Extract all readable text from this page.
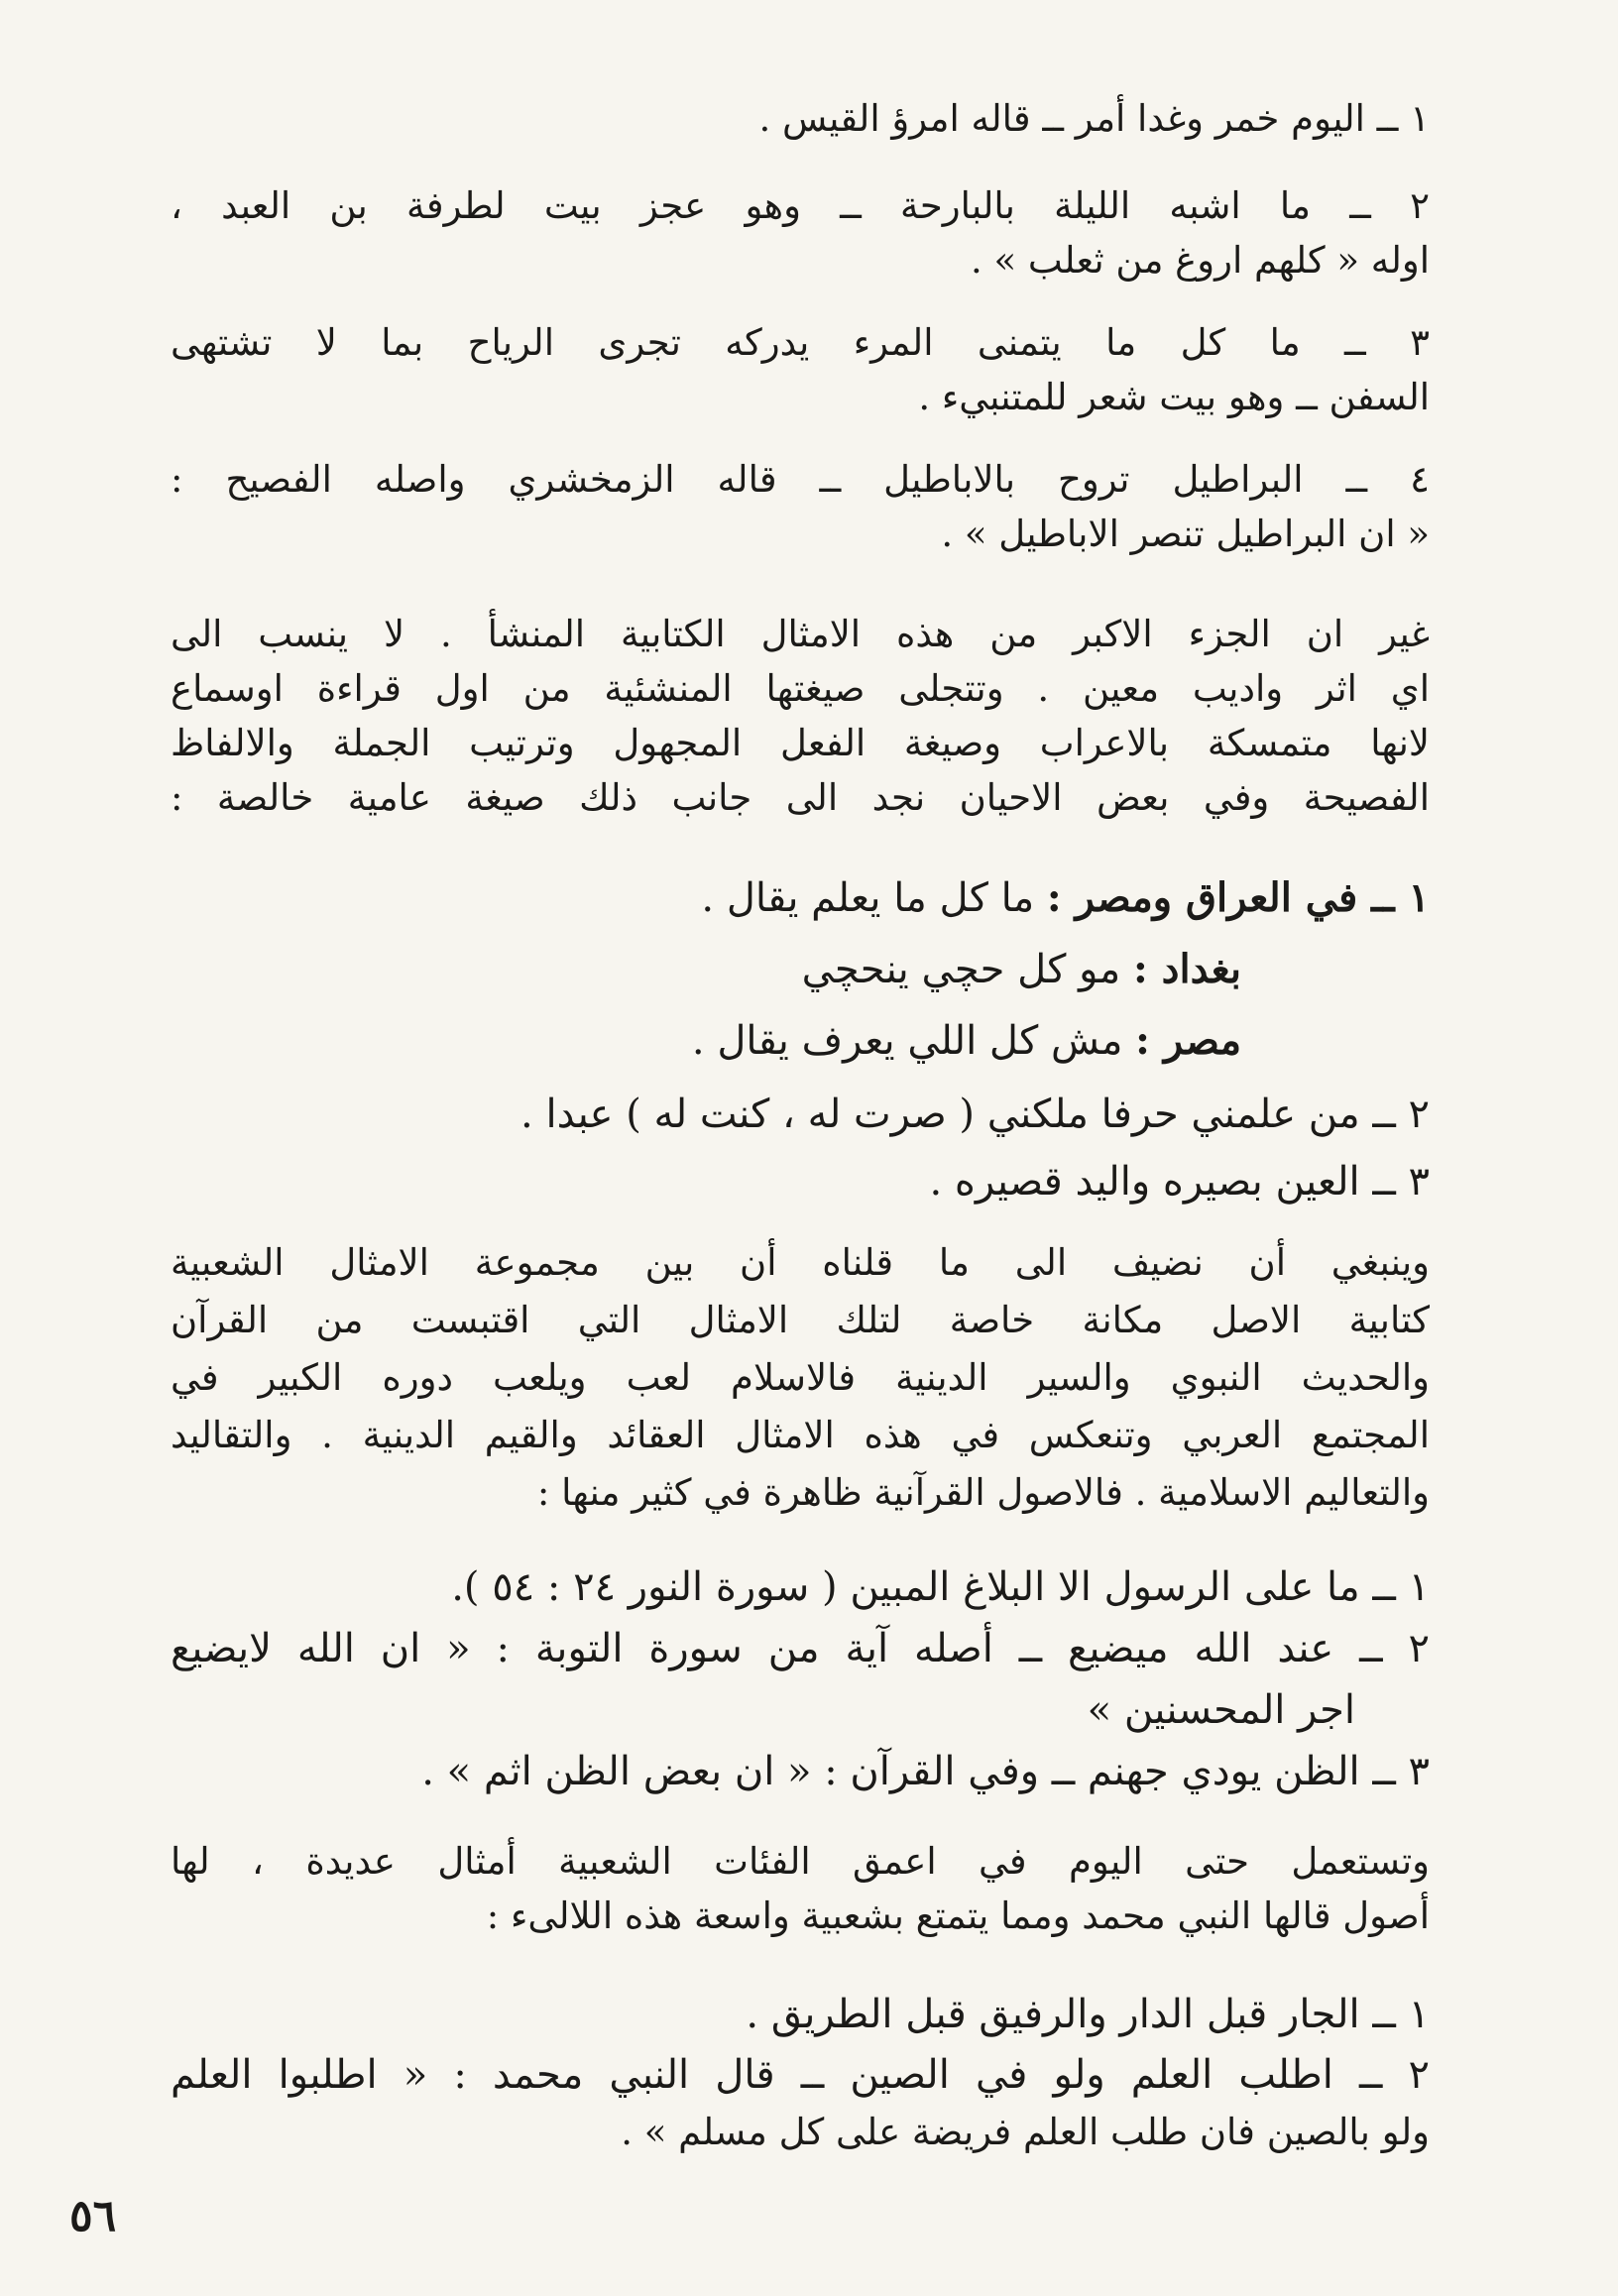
١ ــ اليوم خمر وغدا أمر ــ قاله امرؤ القيس .
٢ ــ ما اشبه الليلة بالبارحة ــ وهو عجز بيت لطرفة بن العبد ،
اوله « كلهم اروغ من ثعلب » .
٣ ــ ما كل ما يتمنى المرء يدركه تجرى الرياح بما لا تشتهى
السفن ــ وهو بيت شعر للمتنبيء .
٤ ــ البراطيل تروح بالاباطيل ــ قاله الزمخشري واصله الفصيح :
« ان البراطيل تنصر الاباطيل » .
غير ان الجزء الاكبر من هذه الامثال الكتابية المنشأ . لا ينسب الى
اي اثر واديب معين . وتتجلى صيغتها المنشئية من اول قراءة اوسماع
لانها متمسكة بالاعراب وصيغة الفعل المجهول وترتيب الجملة والالفاظ
الفصيحة وفي بعض الاحيان نجد الى جانب ذلك صيغة عامية خالصة :
١ ــ في العراق ومصر : ما كل ما يعلم يقال .
بغداد : مو كل حچي ينحچي
مصر : مش كل اللي يعرف يقال .
٢ ــ من علمني حرفا ملكني ( صرت له ، كنت له ) عبدا .
٣ ــ العين بصيره واليد قصيره .
وينبغي أن نضيف الى ما قلناه أن بين مجموعة الامثال الشعبية
كتابية الاصل مكانة خاصة لتلك الامثال التي اقتبست من القرآن
والحديث النبوي والسير الدينية فالاسلام لعب ويلعب دوره الكبير في
المجتمع العربي وتنعكس في هذه الامثال العقائد والقيم الدينية . والتقاليد
والتعاليم الاسلامية . فالاصول القرآنية ظاهرة في كثير منها :
١ ــ ما على الرسول الا البلاغ المبين ( سورة النور ٢٤ : ٥٤ ).
٢ ــ عند الله ميضيع ــ أصله آية من سورة التوبة : « ان الله لايضيع
اجر المحسنين »
٣ ــ الظن يودي جهنم ــ وفي القرآن : « ان بعض الظن اثم » .
وتستعمل حتى اليوم في اعمق الفئات الشعبية أمثال عديدة ، لها
أصول قالها النبي محمد ومما يتمتع بشعبية واسعة هذه اللالىء :
١ ــ الجار قبل الدار والرفيق قبل الطريق .
٢ ــ اطلب العلم ولو في الصين ــ قال النبي محمد : « اطلبوا العلم
ولو بالصين فان طلب العلم فريضة على كل مسلم » .
٥٦
